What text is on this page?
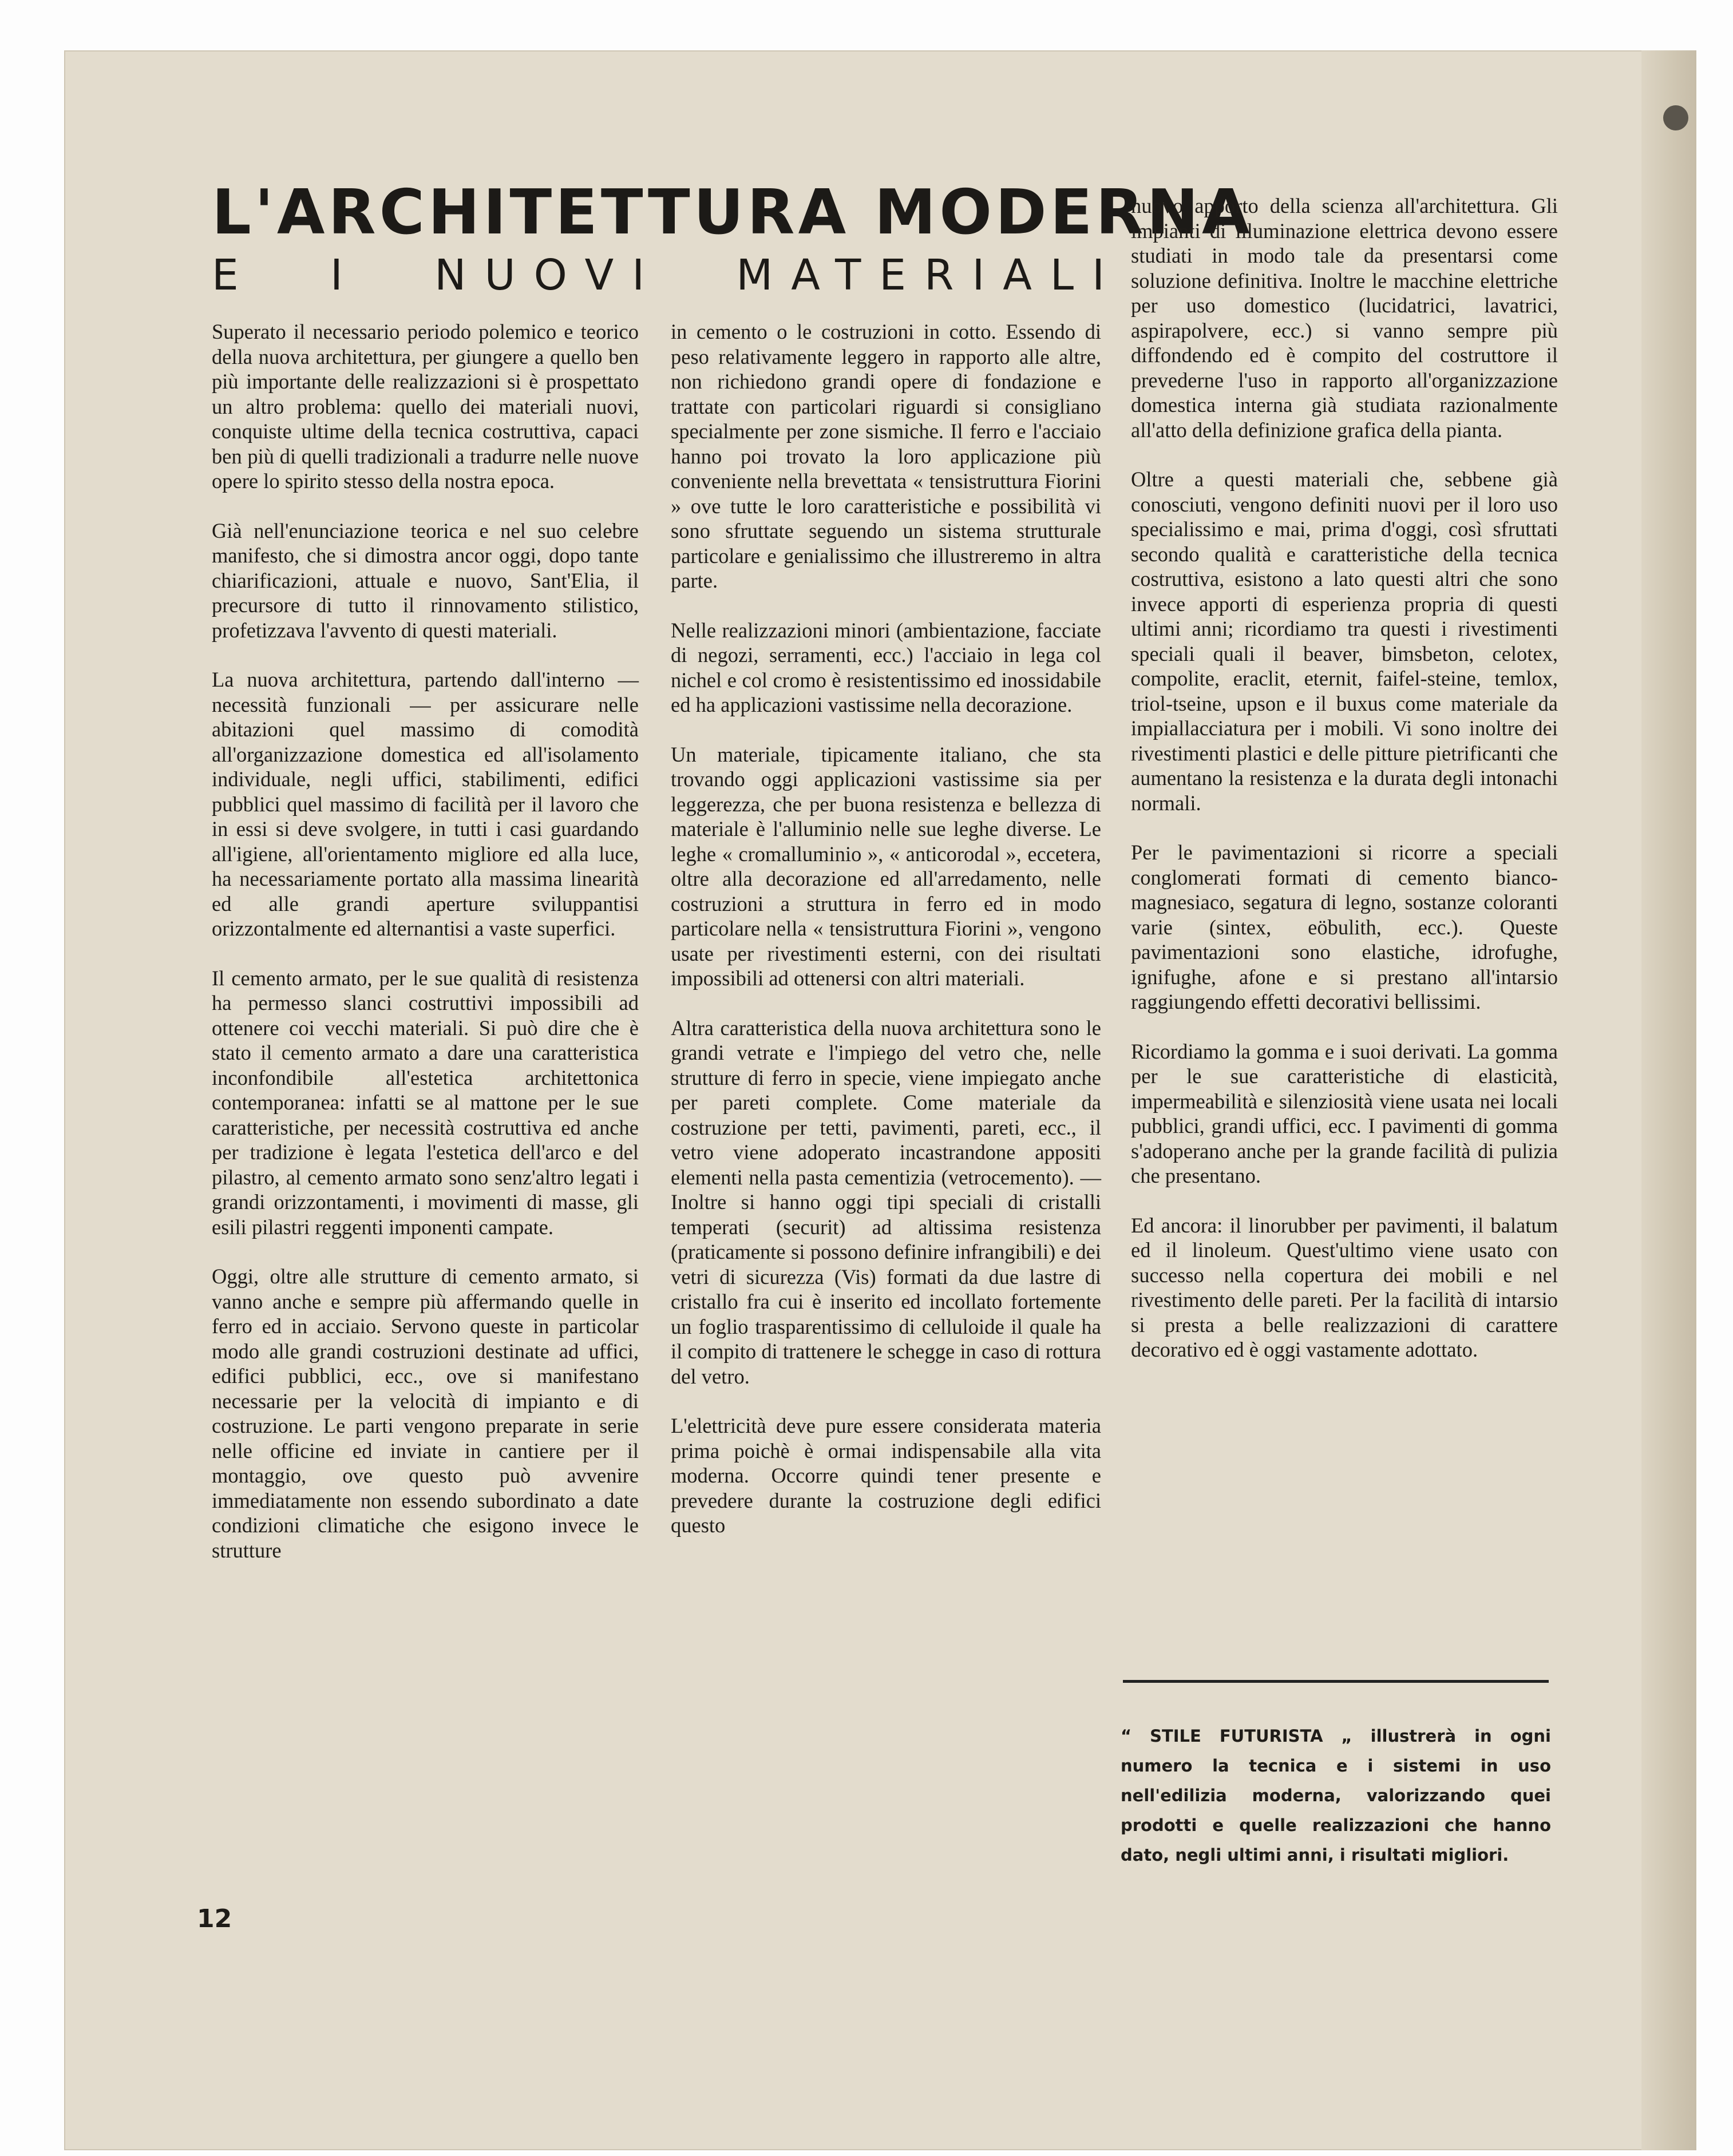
L'ARCHITETTURA MODERNA
E I NUOVI MATERIALI

Superato il necessario periodo polemico e teorico della nuova architettura, per giungere a quello ben più importante delle realizzazioni si è prospettato un altro problema: quello dei materiali nuovi, conquiste ultime della tecnica costruttiva, capaci ben più di quelli tradizionali a tradurre nelle nuove opere lo spirito stesso della nostra epoca.

Già nell'enunciazione teorica e nel suo celebre manifesto, che si dimostra ancor oggi, dopo tante chiarificazioni, attuale e nuovo, Sant'Elia, il precursore di tutto il rinnovamento stilistico, profetizzava l'avvento di questi materiali.

La nuova architettura, partendo dall'interno — necessità funzionali — per assicurare nelle abitazioni quel massimo di comodità all'organizzazione domestica ed all'isolamento individuale, negli uffici, stabilimenti, edifici pubblici quel massimo di facilità per il lavoro che in essi si deve svolgere, in tutti i casi guardando all'igiene, all'orientamento migliore ed alla luce, ha necessariamente portato alla massima linearità ed alle grandi aperture sviluppantisi orizzontalmente ed alternantisi a vaste superfici.

Il cemento armato, per le sue qualità di resistenza ha permesso slanci costruttivi impossibili ad ottenere coi vecchi materiali. Si può dire che è stato il cemento armato a dare una caratteristica inconfondibile all'estetica architettonica contemporanea: infatti se al mattone per le sue caratteristiche, per necessità costruttiva ed anche per tradizione è legata l'estetica dell'arco e del pilastro, al cemento armato sono senz'altro legati i grandi orizzontamenti, i movimenti di masse, gli esili pilastri reggenti imponenti campate.

Oggi, oltre alle strutture di cemento armato, si vanno anche e sempre più affermando quelle in ferro ed in acciaio. Servono queste in particolar modo alle grandi costruzioni destinate ad uffici, edifici pubblici, ecc., ove si manifestano necessarie per la velocità di impianto e di costruzione. Le parti vengono preparate in serie nelle officine ed inviate in cantiere per il montaggio, ove questo può avvenire immediatamente non essendo subordinato a date condizioni climatiche che esigono invece le strutture

in cemento o le costruzioni in cotto. Essendo di peso relativamente leggero in rapporto alle altre, non richiedono grandi opere di fondazione e trattate con particolari riguardi si consigliano specialmente per zone sismiche. Il ferro e l'acciaio hanno poi trovato la loro applicazione più conveniente nella brevettata « tensistruttura Fiorini » ove tutte le loro caratteristiche e possibilità vi sono sfruttate seguendo un sistema strutturale particolare e genialissimo che illustreremo in altra parte.

Nelle realizzazioni minori (ambientazione, facciate di negozi, serramenti, ecc.) l'acciaio in lega col nichel e col cromo è resistentissimo ed inossidabile ed ha applicazioni vastissime nella decorazione.

Un materiale, tipicamente italiano, che sta trovando oggi applicazioni vastissime sia per leggerezza, che per buona resistenza e bellezza di materiale è l'alluminio nelle sue leghe diverse. Le leghe « cromalluminio », « anticorodal », eccetera, oltre alla decorazione ed all'arredamento, nelle costruzioni a struttura in ferro ed in modo particolare nella « tensistruttura Fiorini », vengono usate per rivestimenti esterni, con dei risultati impossibili ad ottenersi con altri materiali.

Altra caratteristica della nuova architettura sono le grandi vetrate e l'impiego del vetro che, nelle strutture di ferro in specie, viene impiegato anche per pareti complete. Come materiale da costruzione per tetti, pavimenti, pareti, ecc., il vetro viene adoperato incastrandone appositi elementi nella pasta cementizia (vetrocemento). — Inoltre si hanno oggi tipi speciali di cristalli temperati (securit) ad altissima resistenza (praticamente si possono definire infrangibili) e dei vetri di sicurezza (Vis) formati da due lastre di cristallo fra cui è inserito ed incollato fortemente un foglio trasparentissimo di celluloide il quale ha il compito di trattenere le schegge in caso di rottura del vetro.

L'elettricità deve pure essere considerata materia prima poichè è ormai indispensabile alla vita moderna. Occorre quindi tener presente e prevedere durante la costruzione degli edifici questo

nuovo apporto della scienza all'architettura. Gli impianti di illuminazione elettrica devono essere studiati in modo tale da presentarsi come soluzione definitiva. Inoltre le macchine elettriche per uso domestico (lucidatrici, lavatrici, aspirapolvere, ecc.) si vanno sempre più diffondendo ed è compito del costruttore il prevederne l'uso in rapporto all'organizzazione domestica interna già studiata razionalmente all'atto della definizione grafica della pianta.

Oltre a questi materiali che, sebbene già conosciuti, vengono definiti nuovi per il loro uso specialissimo e mai, prima d'oggi, così sfruttati secondo qualità e caratteristiche della tecnica costruttiva, esistono a lato questi altri che sono invece apporti di esperienza propria di questi ultimi anni; ricordiamo tra questi i rivestimenti speciali quali il beaver, bimsbeton, celotex, compolite, eraclit, eternit, faifel-steine, temlox, triol-tseine, upson e il buxus come materiale da impiallacciatura per i mobili. Vi sono inoltre dei rivestimenti plastici e delle pitture pietrificanti che aumentano la resistenza e la durata degli intonachi normali.

Per le pavimentazioni si ricorre a speciali conglomerati formati di cemento bianco-magnesiaco, segatura di legno, sostanze coloranti varie (sintex, eöbulith, ecc.). Queste pavimentazioni sono elastiche, idrofughe, ignifughe, afone e si prestano all'intarsio raggiungendo effetti decorativi bellissimi.

Ricordiamo la gomma e i suoi derivati. La gomma per le sue caratteristiche di elasticità, impermeabilità e silenziosità viene usata nei locali pubblici, grandi uffici, ecc. I pavimenti di gomma s'adoperano anche per la grande facilità di pulizia che presentano.

Ed ancora: il linorubber per pavimenti, il balatum ed il linoleum. Quest'ultimo viene usato con successo nella copertura dei mobili e nel rivestimento delle pareti. Per la facilità di intarsio si presta a belle realizzazioni di carattere decorativo ed è oggi vastamente adottato.

“ STILE FUTURISTA „ illustrerà in ogni numero la tecnica e i sistemi in uso nell'edilizia moderna, valorizzando quei prodotti e quelle realizzazioni che hanno dato, negli ultimi anni, i risultati migliori.

12
